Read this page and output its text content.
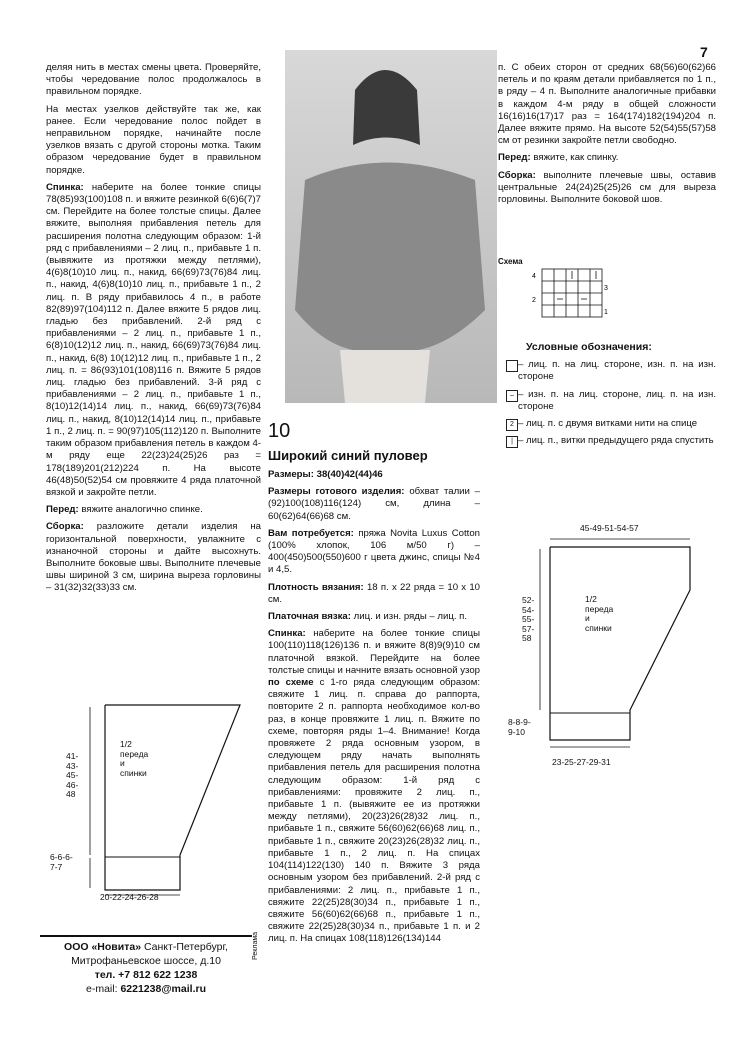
7

деляя нить в местах смены цвета. Проверяйте, чтобы чередование полос продолжалось в правильном порядке.

На местах узелков действуйте так же, как ранее. Если чередование полос пойдет в неправильном порядке, начинайте после узелков вязать с другой стороны мотка. Таким образом чередование будет в правильном порядке.

Спинка: наберите на более тонкие спицы 78(85)93(100)108 п. и вяжите резинкой 6(6)6(7)7 см. Перейдите на более толстые спицы. Далее вяжите, выполняя прибавления петель для расширения полотна следующим образом: 1-й ряд с прибавлениями – 2 лиц. п., прибавьте 1 п. (вывяжите из протяжки между петлями), 4(6)8(10)10 лиц. п., накид, 66(69)73(76)84 лиц. п., накид, 4(6)8(10)10 лиц. п., прибавьте 1 п., 2 лиц. п. В ряду прибавилось 4 п., в работе 82(89)97(104)112 п. Далее вяжите 5 рядов лиц. гладью без прибавлений. 2-й ряд с прибавлениями – 2 лиц. п., прибавьте 1 п., 6(8)10(12)12 лиц. п., накид, 66(69)73(76)84 лиц. п., накид, 6(8) 10(12)12 лиц. п., прибавьте 1 п., 2 лиц. п. = 86(93)101(108)116 п. Вяжите 5 рядов лиц. гладью без прибавлений. 3-й ряд с прибавлениями – 2 лиц. п., прибавьте 1 п., 8(10)12(14)14 лиц. п., накид, 66(69)73(76)84 лиц. п., накид, 8(10)12(14)14 лиц. п., прибавьте 1 п., 2 лиц. п. = 90(97)105(112)120 п. Выполните таким образом прибавления петель в каждом 4-м ряду еще 22(23)24(25)26 раз = 178(189)201(212)224 п. На высоте 46(48)50(52)54 см провяжите 4 ряда платочной вязкой и закройте петли.

Перед: вяжите аналогично спинке.

Сборка: разложите детали изделия на горизонтальной поверхности, увлажните с изнаночной стороны и дайте высохнуть. Выполните боковые швы. Выполните плечевые швы шириной 3 см, ширина выреза горловины – 31(32)32(33)33 см.

1/2
переда
и
спинки
41-
43-
45-
46-
48
6-6-6-
7-7
20-22-24-26-28
ООО «Новита» Санкт-Петербург,
Митрофаньевское шоссе, д.10
тел. +7 812 622 1238
e-mail: 6221238@mail.ru
Реклама
10
Широкий синий пуловер

Размеры: 38(40)42(44)46

Размеры готового изделия: обхват талии – (92)100(108)116(124) см, длина – 60(62)64(66)68 см.

Вам потребуется: пряжа Novita Luxus Cotton (100% хлопок, 106 м/50 г) – 400(450)500(550)600 г цвета джинс, спицы №4 и 4,5.

Плотность вязания: 18 п. х 22 ряда = 10 х 10 см.

Платочная вязка: лиц. и изн. ряды – лиц. п.

Спинка: наберите на более тонкие спицы 100(110)118(126)136 п. и вяжите 8(8)9(9)10 см платочной вязкой. Перейдите на более толстые спицы и начните вязать основной узор по схеме с 1-го ряда следующим образом: свяжите 1 лиц. п. справа до раппорта, повторите 2 п. раппорта необходимое кол-во раз, в конце провяжите 1 лиц. п. Вяжите по схеме, повторяя ряды 1–4. Внимание! Когда провяжете 2 ряда основным узором, в следующем ряду начать выполнять прибавления петель для расширения полотна следующим образом: 1-й ряд с прибавлениями: провяжите 2 лиц. п., прибавьте 1 п. (вывяжите ее из протяжки между петлями), 20(23)26(28)32 лиц. п., прибавьте 1 п., свяжите 56(60)62(66)68 лиц. п., прибавьте 1 п., свяжите 20(23)26(28)32 лиц. п., прибавьте 1 п., 2 лиц. п. На спицах 104(114)122(130) 140 п. Вяжите 3 ряда основным узором без прибавлений. 2-й ряд с прибавлениями: 2 лиц. п., прибавьте 1 п., свяжите 22(25)28(30)34 п., прибавьте 1 п., свяжите 56(60)62(66)68 п., прибавьте 1 п., свяжите 22(25)28(30)34 п., прибавьте 1 п. и 2 лиц. п. На спицах 108(118)126(134)144

п. С обеих сторон от средних 68(56)60(62)66 петель и по краям детали прибавляется по 1 п., в ряду – 4 п. Выполните аналогичные прибавки в каждом 4-м ряду в общей сложности 16(16)16(17)17 раз = 164(174)182(194)204 п. Далее вяжите прямо. На высоте 52(54)55(57)58 см от резинки закройте петли свободно.

Перед: вяжите, как спинку.

Сборка: выполните плечевые швы, оставив центральные 24(24)25(25)26 см для выреза горловины. Выполните боковой шов.

Схема
4
3
2
1
Условные обозначения:
– лиц. п. на лиц. стороне, изн. п. на изн. стороне
– – изн. п. на лиц. стороне, лиц. п. на изн. стороне
2 – лиц. п. с двумя витками нити на спице
| – лиц. п., витки предыдущего ряда спустить
45-49-51-54-57
1/2
переда
и
спинки
52-
54-
55-
57-
58
8-8-9-
9-10
23-25-27-29-31
